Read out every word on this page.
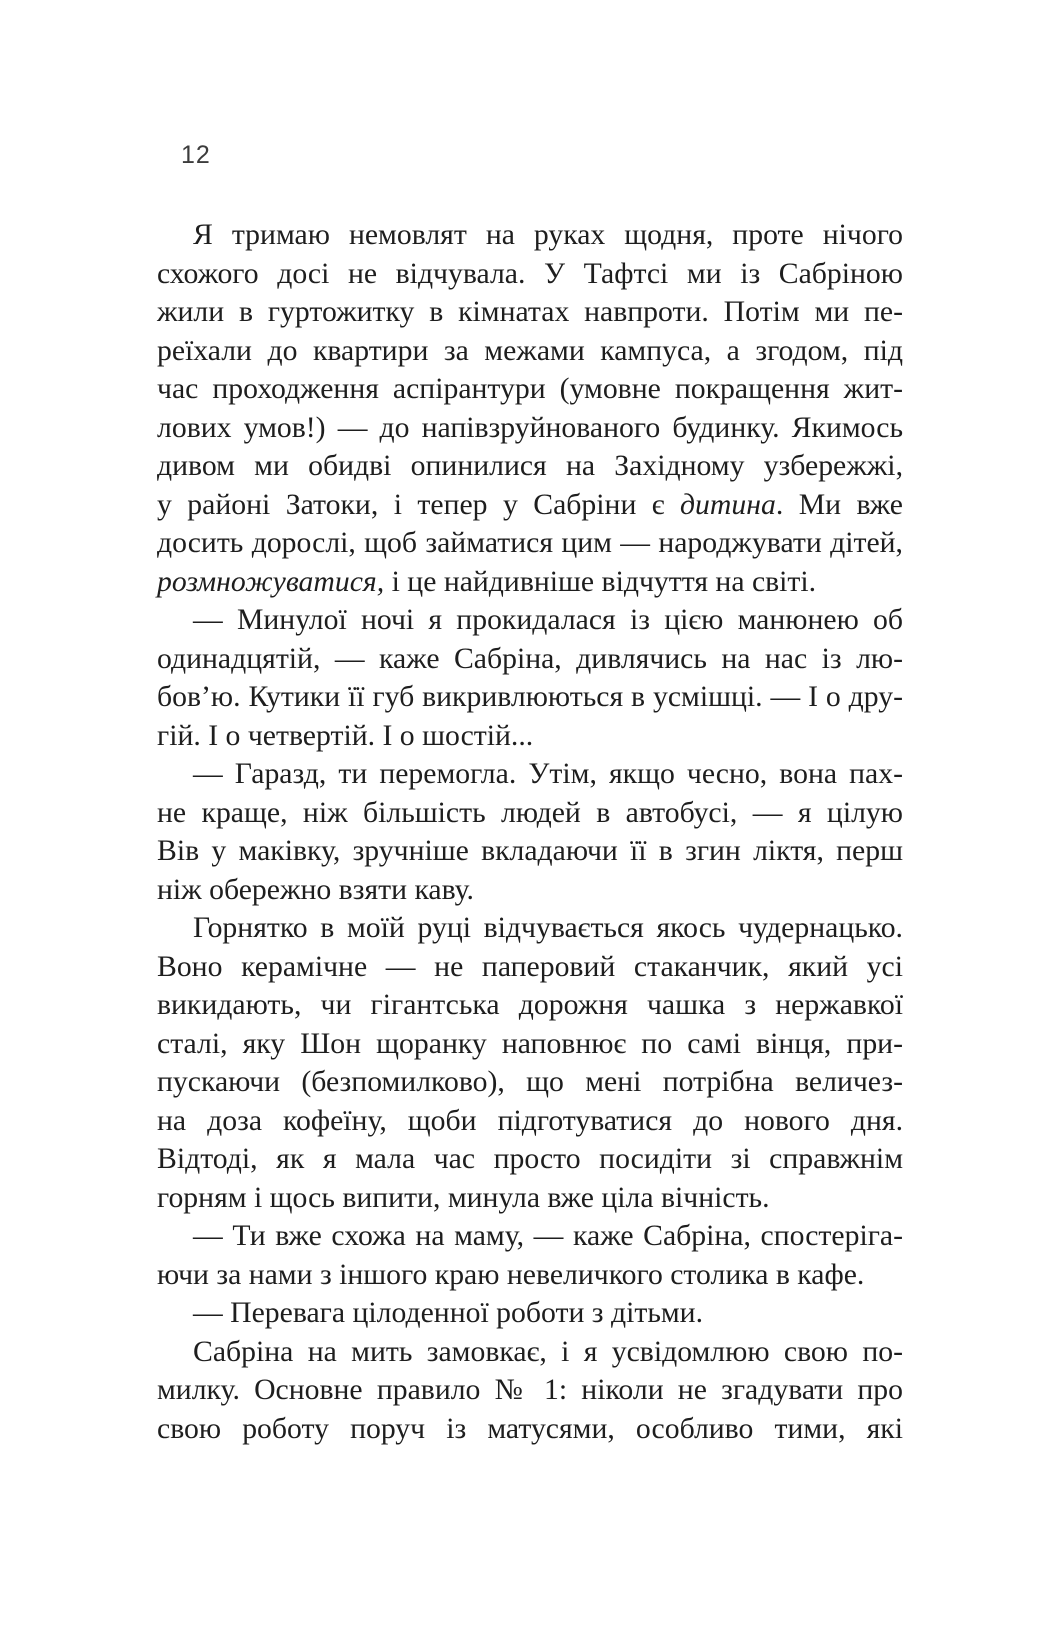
12
Я тримаю немовлят на руках щодня, проте нічого
схожого досі не відчувала. У Тафтсі ми із Сабріною
жили в гуртожитку в кімнатах навпроти. Потім ми пе-
реїхали до квартири за межами кампуса, а згодом, під
час проходження аспірантури (умовне покращення жит-
лових умов!) — до напівзруйнованого будинку. Якимось
дивом ми обидві опинилися на Західному узбережжі,
у районі Затоки, і тепер у Сабріни є дитина. Ми вже
досить дорослі, щоб займатися цим — народжувати дітей,
розмножуватися, і це найдивніше відчуття на світі.
— Минулої ночі я прокидалася із цією манюнею об
одинадцятій, — каже Сабріна, дивлячись на нас із лю-
бов’ю. Кутики її губ викривлюються в усмішці. — І о дру-
гій. І о четвертій. І о шостій...
— Гаразд, ти перемогла. Утім, якщо чесно, вона пах-
не краще, ніж більшість людей в автобусі, — я цілую
Вів у маківку, зручніше вкладаючи її в згин ліктя, перш
ніж обережно взяти каву.
Горнятко в моїй руці відчувається якось чудернацько.
Воно керамічне — не паперовий стаканчик, який усі
викидають, чи гігантська дорожня чашка з нержавкої
сталі, яку Шон щоранку наповнює по самі вінця, при-
пускаючи (безпомилково), що мені потрібна величез-
на доза кофеїну, щоби підготуватися до нового дня.
Відтоді, як я мала час просто посидіти зі справжнім
горням і щось випити, минула вже ціла вічність.
— Ти вже схожа на маму, — каже Сабріна, спостеріга-
ючи за нами з іншого краю невеличкого столика в кафе.
— Перевага цілоденної роботи з дітьми.
Сабріна на мить замовкає, і я усвідомлюю свою по-
милку. Основне правило № 1: ніколи не згадувати про
свою роботу поруч із матусями, особливо тими, які
